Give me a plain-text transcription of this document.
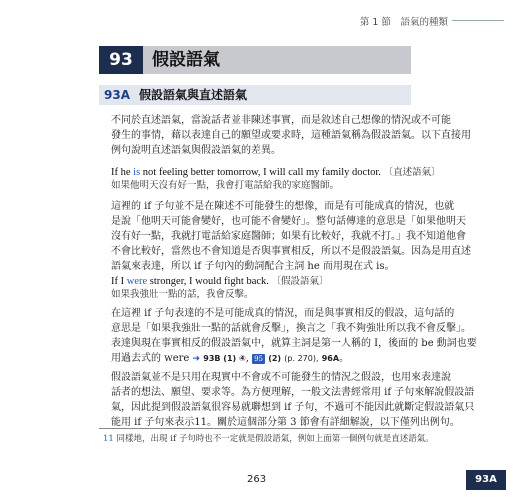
第 1 節　語氣的種類
93	假設語氣
93A 假設語氣與直述語氣
不同於直述語氣，當說話者並非陳述事實，而是敘述自己想像的情況或不可能
發生的事情，藉以表達自己的願望或要求時，這種語氣稱為假設語氣。以下直接用
例句說明直述語氣與假設語氣的差異。
If he is not feeling better tomorrow, I will call my family doctor. 〔直述語氣〕
如果他明天沒有好一點，我會打電話給我的家庭醫師。
這裡的 if 子句並不是在陳述不可能發生的想像，而是有可能成真的情況，也就
是說「他明天可能會變好，也可能不會變好」。整句話傳達的意思是「如果他明天
沒有好一點，我就打電話給家庭醫師；如果有比較好，我就不打。」我不知道他會
不會比較好，當然也不會知道是否與事實相反，所以不是假設語氣。因為是用直述
語氣來表達，所以 if 子句內的動詞配合主詞 he 而用現在式 is。
If I were stronger, I would fight back. 〔假設語氣〕
如果我強壯一點的話，我會反擊。
在這裡 if 子句表達的不是可能成真的情況，而是與事實相反的假設，這句話的
意思是「如果我強壯一點的話就會反擊」，換言之「我不夠強壯所以我不會反擊」。
表達與現在事實相反的假設語氣中，就算主詞是第一人稱的 I，後面的 be 動詞也要
用過去式的 were ➜ 93B (1) ④, 95 (2) (p. 270), 96A。
假設語氣並不是只用在現實中不會或不可能發生的情況之假設，也用來表達說
話者的想法、願望、要求等。為方便理解，一般文法書經常用 if 子句來解說假設語
氣，因此提到假設語氣很容易就聯想到 if 子句，不過可不能因此就斷定假設語氣只
能用 if 子句來表示11。關於這個部分第 3 節會有詳細解說，以下僅列出例句。
11 同樣地，出現 if 子句時也不一定就是假設語氣，例如上面第一個例句就是直述語氣。
263	93A
